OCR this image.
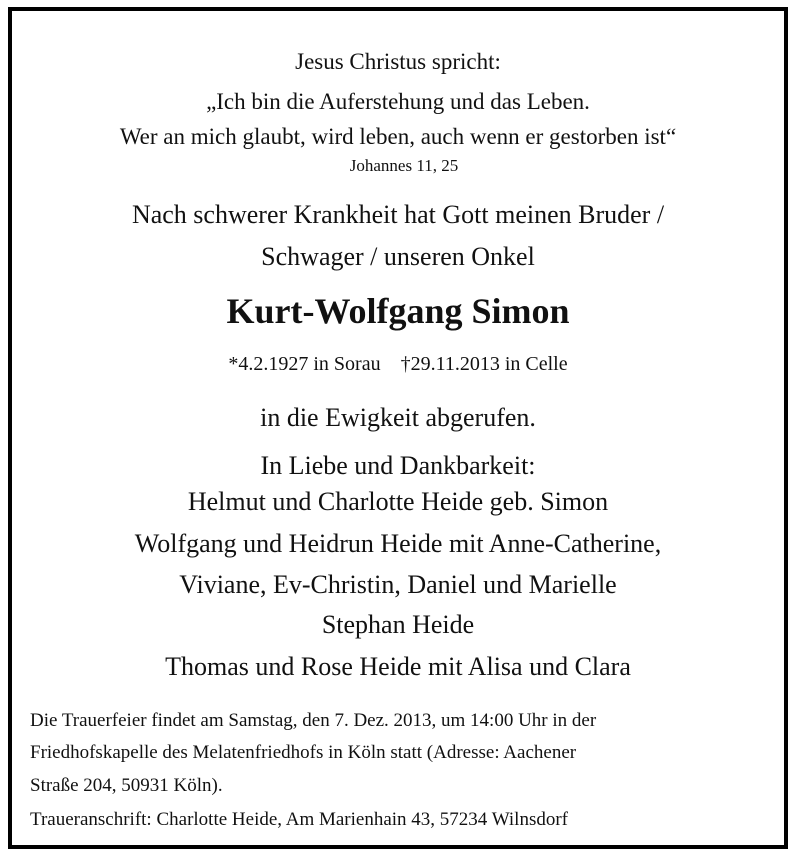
Jesus Christus spricht:
„Ich bin die Auferstehung und das Leben.
Wer an mich glaubt, wird leben, auch wenn er gestorben ist“
Johannes 11, 25
Nach schwerer Krankheit hat Gott meinen Bruder /
Schwager / unseren Onkel
Kurt-Wolfgang Simon
*4.2.1927 in Sorau †29.11.2013 in Celle
in die Ewigkeit abgerufen.
In Liebe und Dankbarkeit:
Helmut und Charlotte Heide geb. Simon
Wolfgang und Heidrun Heide mit Anne-Catherine,
Viviane, Ev-Christin, Daniel und Marielle
Stephan Heide
Thomas und Rose Heide mit Alisa und Clara
Die Trauerfeier findet am Samstag, den 7. Dez. 2013, um 14:00 Uhr in der
Friedhofskapelle des Melatenfriedhofs in Köln statt (Adresse: Aachener
Straße 204, 50931 Köln).
Traueranschrift: Charlotte Heide, Am Marienhain 43, 57234 Wilnsdorf
